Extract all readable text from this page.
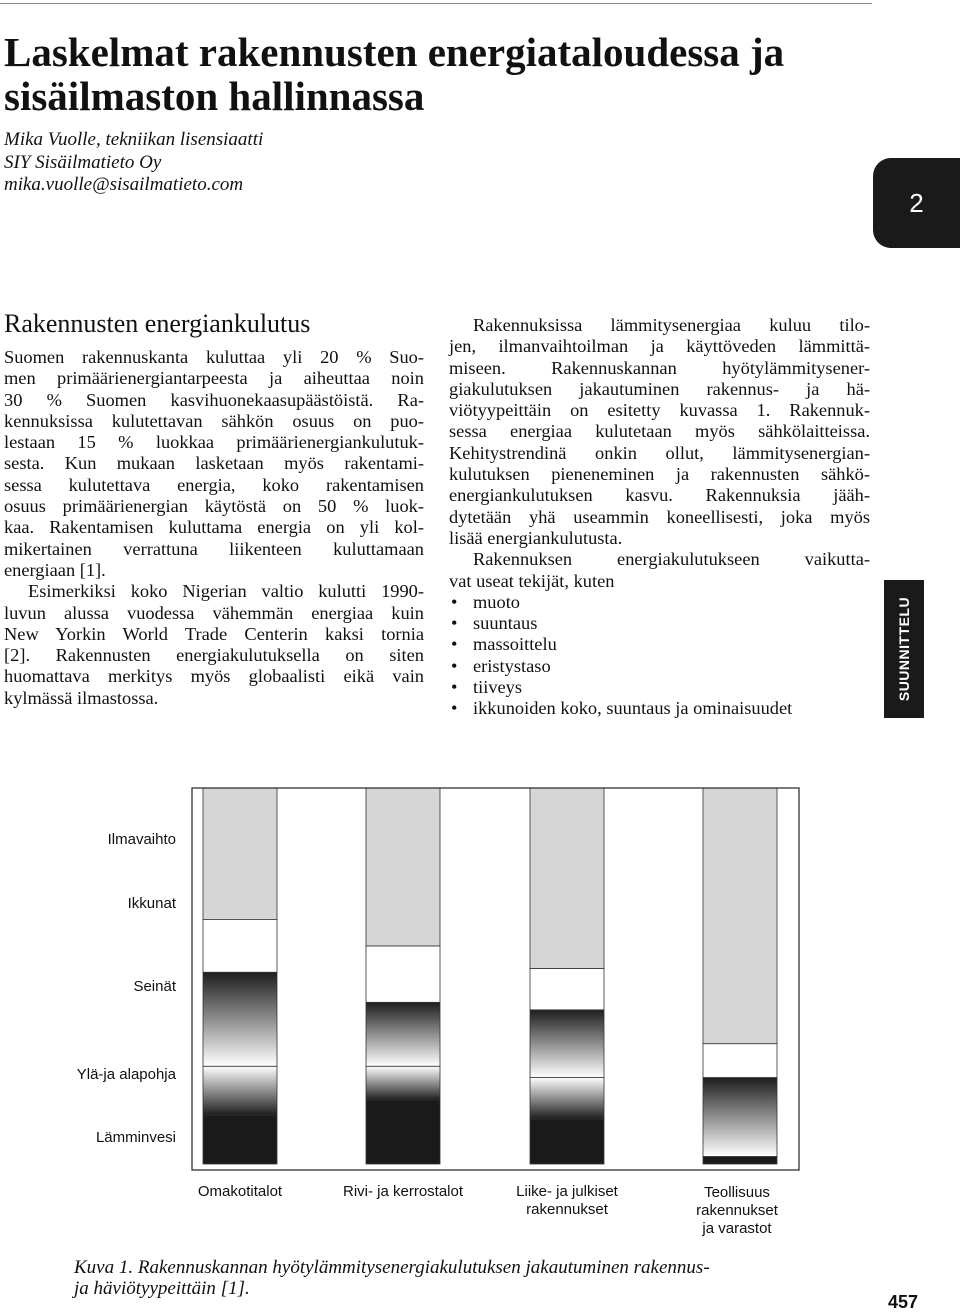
Laskelmat rakennusten energiataloudessa ja
sisäilmaston hallinnassa
Mika Vuolle, tekniikan lisensiaatti
SIY Sisäilmatieto Oy
mika.vuolle@sisailmatieto.com
2
Rakennusten energiankulutus
Suomen rakennuskanta kuluttaa yli 20 % Suo-
men primäärienergiantarpeesta ja aiheuttaa noin
30 % Suomen kasvihuonekaasupäästöistä. Ra-
kennuksissa kulutettavan sähkön osuus on puo-
lestaan 15 % luokkaa primäärienergiankulutuk-
sesta. Kun mukaan lasketaan myös rakentami-
sessa kulutettava energia, koko rakentamisen
osuus primäärienergian käytöstä on 50 % luok-
kaa. Rakentamisen kuluttama energia on yli kol-
mikertainen verrattuna liikenteen kuluttamaan
energiaan [1].
Esimerkiksi koko Nigerian valtio kulutti 1990-
luvun alussa vuodessa vähemmän energiaa kuin
New Yorkin World Trade Centerin kaksi tornia
[2]. Rakennusten energiakulutuksella on siten
huomattava merkitys myös globaalisti eikä vain
kylmässä ilmastossa.
Rakennuksissa lämmitysenergiaa kuluu tilo-
jen, ilmanvaihtoilman ja käyttöveden lämmittä-
miseen. Rakennuskannan hyötylämmitysener-
giakulutuksen jakautuminen rakennus- ja hä-
viötyypeittäin on esitetty kuvassa 1. Rakennuk-
sessa energiaa kulutetaan myös sähkölaitteissa.
Kehitystrendinä onkin ollut, lämmitysenergian-
kulutuksen pieneneminen ja rakennusten sähkö-
energiankulutuksen kasvu. Rakennuksia jääh-
dytetään yhä useammin koneellisesti, joka myös
lisää energiankulutusta.
Rakennuksen energiakulutukseen vaikutta-
vat useat tekijät, kuten
• muoto
• suuntaus
• massoittelu
• eristystaso
• tiiveys
• ikkunoiden koko, suuntaus ja ominaisuudet
SUUNNITTELU
Lämminvesi
Ylä-ja alapohja
Seinät
Ikkunat
Ilmavaihto
Omakotitalot	Rivi- ja kerrostalot	Liike- ja julkiset
rakennukset
Teollisuus
rakennukset
ja varastot
Kuva 1. Rakennuskannan hyötylämmitysenergiakulutuksen jakautuminen rakennus-
ja häviötyypeittäin [1].
457
